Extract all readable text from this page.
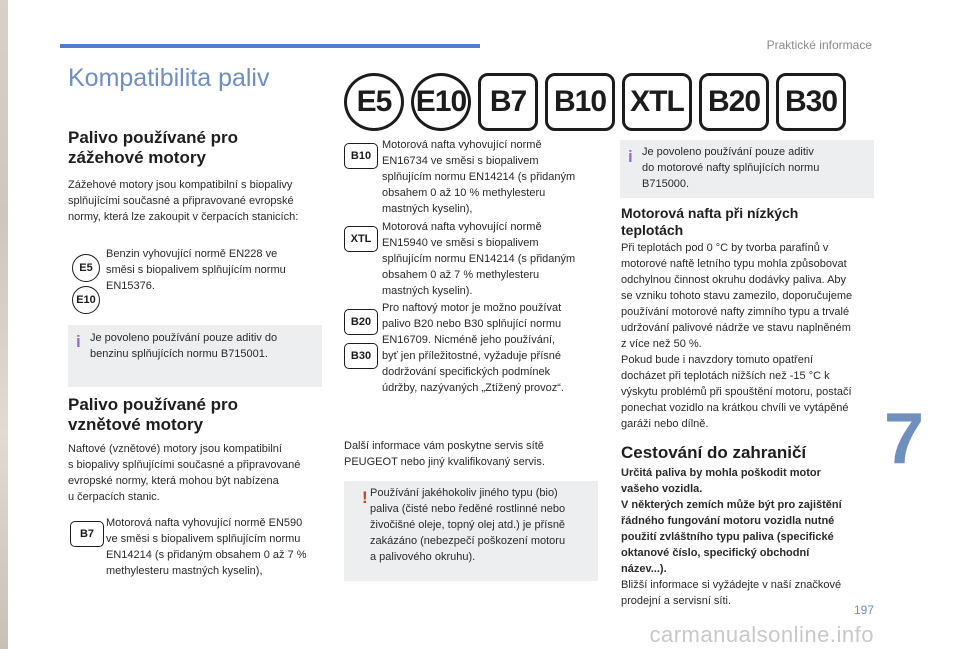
Praktické informace
Kompatibilita paliv
E5 E10 B7 B10 XTL B20 B30
Palivo používané pro
zážehové motory
Zážehové motory jsou kompatibilní s biopalivy
splňujícími současné a připravované evropské
normy, která lze zakoupit v čerpacích stanicích:
E5
E10
Benzin vyhovující normě EN228 ve
směsi s biopalivem splňujícím normu
EN15376.
i Je povoleno používání pouze aditiv do
benzinu splňujících normu B715001.
Palivo používané pro
vznětové motory
Naftové (vznětové) motory jsou kompatibilní
s biopalivy splňujícími současné a připravované
evropské normy, která mohou být nabízena
u čerpacích stanic.
B7
Motorová nafta vyhovující normě EN590
ve směsi s biopalivem splňujícím normu
EN14214 (s přidaným obsahem 0 až 7 %
methylesteru mastných kyselin),
B10
Motorová nafta vyhovující normě
EN16734 ve směsi s biopalivem
splňujícím normu EN14214 (s přidaným
obsahem 0 až 10 % methylesteru
mastných kyselin),
XTL
Motorová nafta vyhovující normě
EN15940 ve směsi s biopalivem
splňujícím normu EN14214 (s přidaným
obsahem 0 až 7 % methylesteru
mastných kyselin).
B20
B30
Pro naftový motor je možno používat
palivo B20 nebo B30 splňující normu
EN16709. Nicméně jeho používání,
byť jen příležitostné, vyžaduje přísné
dodržování specifických podmínek
údržby, nazývaných „Ztížený provoz“.
Další informace vám poskytne servis sítě
PEUGEOT nebo jiný kvalifikovaný servis.
! Používání jakéhokoliv jiného typu (bio)
paliva (čisté nebo ředěné rostlinné nebo
živočišné oleje, topný olej atd.) je přísně
zakázáno (nebezpečí poškození motoru
a palivového okruhu).
i Je povoleno používání pouze aditiv
do motorové nafty splňujících normu
B715000.
Motorová nafta při nízkých
teplotách
Při teplotách pod 0 °C by tvorba parafínů v
motorové naftě letního typu mohla způsobovat
odchylnou činnost okruhu dodávky paliva. Aby
se vzniku tohoto stavu zamezilo, doporučujeme
používání motorové nafty zimního typu a trvalé
udržování palivové nádrže ve stavu naplněném
z více než 50 %.
Pokud bude i navzdory tomuto opatření
docházet při teplotách nižších než -15 °C k
výskytu problémů při spouštění motoru, postačí
ponechat vozidlo na krátkou chvíli ve vytápěné
garáži nebo dílně.
Cestování do zahraničí
Určitá paliva by mohla poškodit motor
vašeho vozidla.
V některých zemích může být pro zajištění
řádného fungování motoru vozidla nutné
použití zvláštního typu paliva (specifické
oktanové číslo, specifický obchodní
název...).
Bližší informace si vyžádejte v naší značkové
prodejní a servisní síti.
7
197
carmanualsonline.info
